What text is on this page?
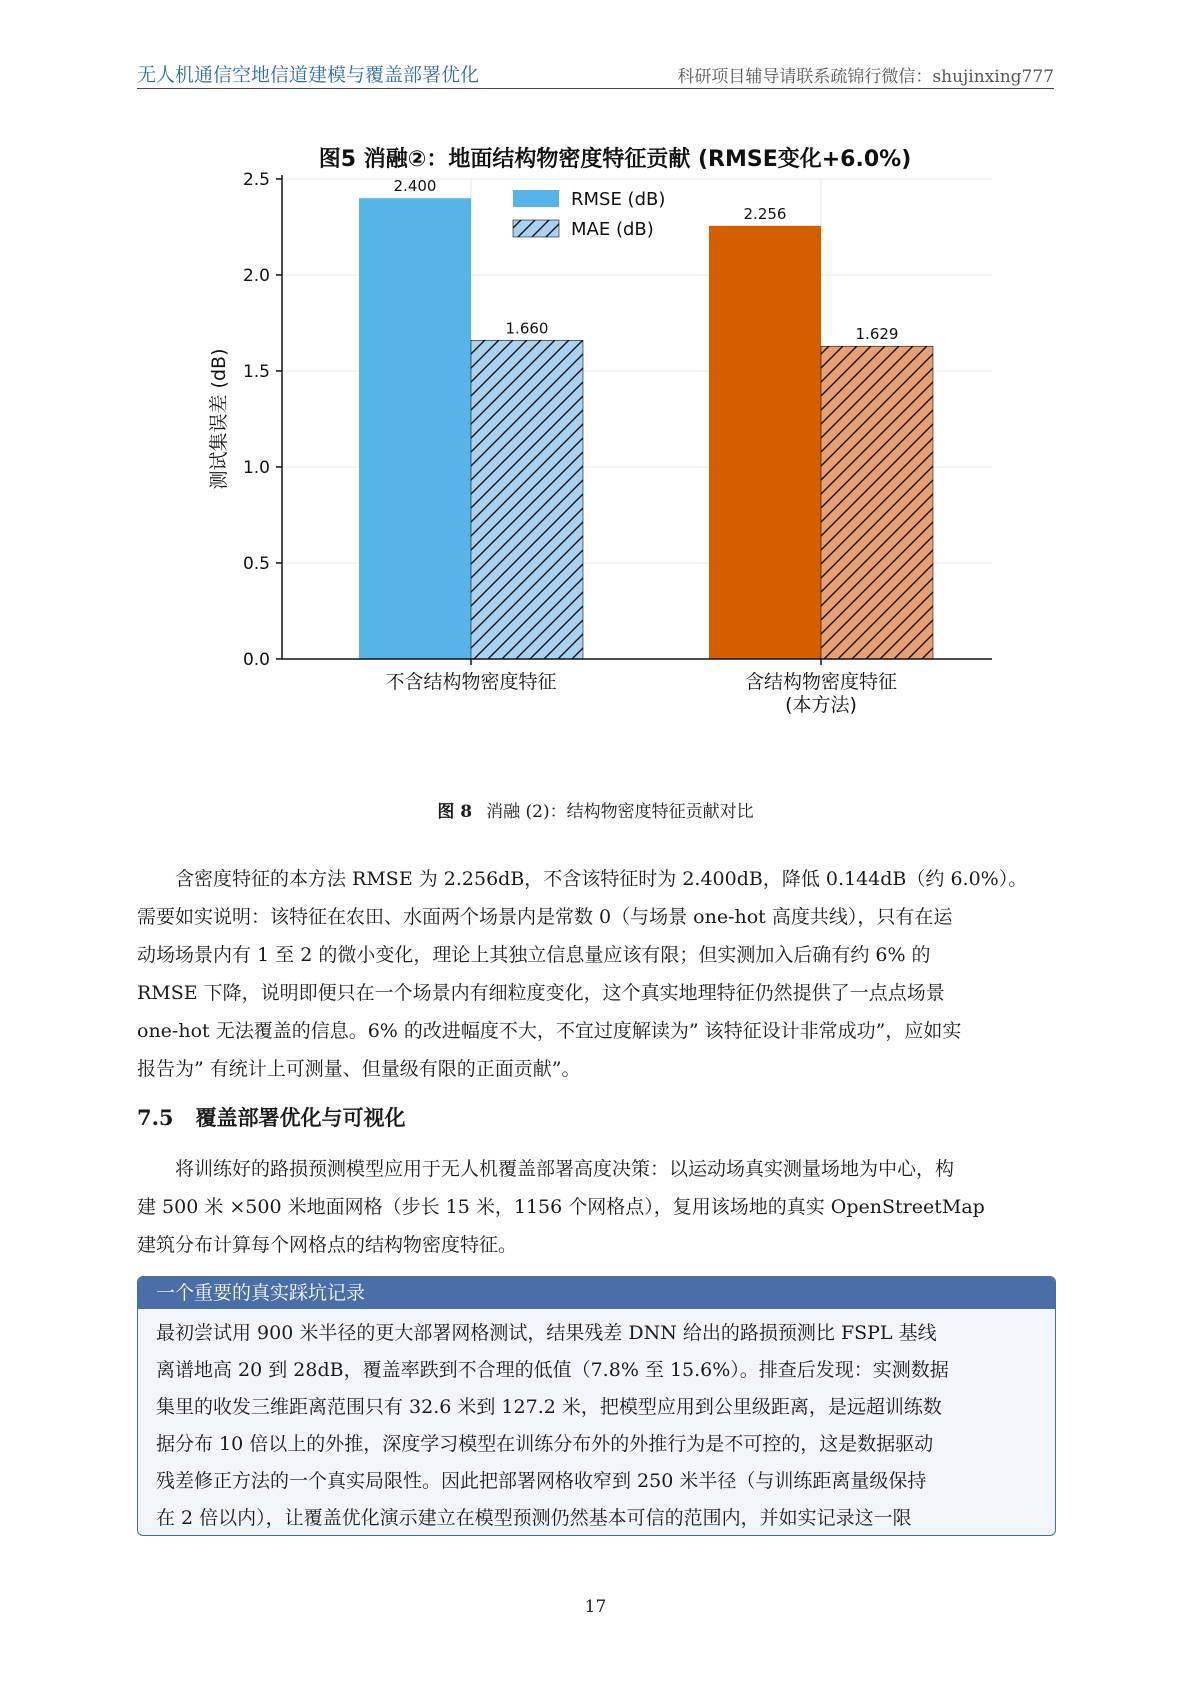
无人机通信空地信道建模与覆盖部署优化	科研项目辅导请联系疏锦行微信：shujinxing777
图5 消融②：地面结构物密度特征贡献 (RMSE变化+6.0%)
0.0
0.5
1.0
1.5
2.0
2.5	2.400
1.660
不含结构物密度特征
2.256
1.629
含结构物密度特征
(本方法)
RMSE (dB)
MAE (dB)
测试集误差 (dB)
图 8 消融 (2)：结构物密度特征贡献对比
含密度特征的本方法 RMSE 为 2.256dB，不含该特征时为 2.400dB，降低 0.144dB（约 6.0%）。
需要如实说明：该特征在农田、水面两个场景内是常数 0（与场景 one-hot 高度共线），只有在运
动场场景内有 1 至 2 的微小变化，理论上其独立信息量应该有限；但实测加入后确有约 6% 的
RMSE 下降，说明即便只在一个场景内有细粒度变化，这个真实地理特征仍然提供了一点点场景
one-hot 无法覆盖的信息。6% 的改进幅度不大，不宜过度解读为” 该特征设计非常成功”，应如实
报告为” 有统计上可测量、但量级有限的正面贡献”。
7.5 覆盖部署优化与可视化
将训练好的路损预测模型应用于无人机覆盖部署高度决策：以运动场真实测量场地为中心，构
建 500 米 ×500 米地面网格（步长 15 米，1156 个网格点），复用该场地的真实 OpenStreetMap
建筑分布计算每个网格点的结构物密度特征。
一个重要的真实踩坑记录
最初尝试用 900 米半径的更大部署网格测试，结果残差 DNN 给出的路损预测比 FSPL 基线
离谱地高 20 到 28dB，覆盖率跌到不合理的低值（7.8% 至 15.6%）。排查后发现：实测数据
集里的收发三维距离范围只有 32.6 米到 127.2 米，把模型应用到公里级距离，是远超训练数
据分布 10 倍以上的外推，深度学习模型在训练分布外的外推行为是不可控的，这是数据驱动
残差修正方法的一个真实局限性。因此把部署网格收窄到 250 米半径（与训练距离量级保持
在 2 倍以内），让覆盖优化演示建立在模型预测仍然基本可信的范围内，并如实记录这一限
17
